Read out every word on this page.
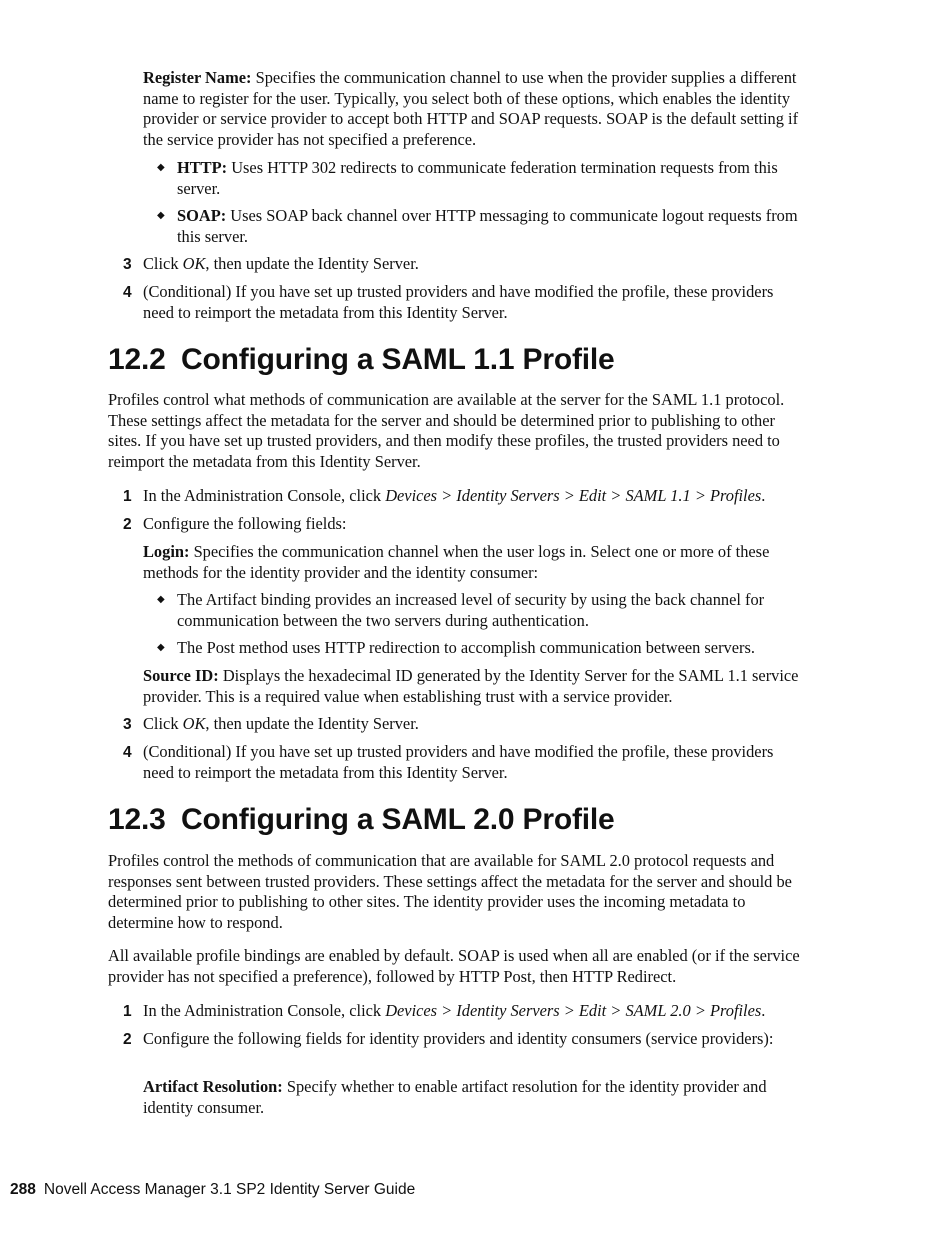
Register Name: Specifies the communication channel to use when the provider supplies a different name to register for the user. Typically, you select both of these options, which enables the identity provider or service provider to accept both HTTP and SOAP requests. SOAP is the default setting if the service provider has not specified a preference.
◆ HTTP: Uses HTTP 302 redirects to communicate federation termination requests from this server.
◆ SOAP: Uses SOAP back channel over HTTP messaging to communicate logout requests from this server.
3 Click OK, then update the Identity Server.
4 (Conditional) If you have set up trusted providers and have modified the profile, these providers need to reimport the metadata from this Identity Server.
12.2 Configuring a SAML 1.1 Profile
Profiles control what methods of communication are available at the server for the SAML 1.1 protocol. These settings affect the metadata for the server and should be determined prior to publishing to other sites. If you have set up trusted providers, and then modify these profiles, the trusted providers need to reimport the metadata from this Identity Server.
1 In the Administration Console, click Devices > Identity Servers > Edit > SAML 1.1 > Profiles.
2 Configure the following fields:
Login: Specifies the communication channel when the user logs in. Select one or more of these methods for the identity provider and the identity consumer:
◆ The Artifact binding provides an increased level of security by using the back channel for communication between the two servers during authentication.
◆ The Post method uses HTTP redirection to accomplish communication between servers.
Source ID: Displays the hexadecimal ID generated by the Identity Server for the SAML 1.1 service provider. This is a required value when establishing trust with a service provider.
3 Click OK, then update the Identity Server.
4 (Conditional) If you have set up trusted providers and have modified the profile, these providers need to reimport the metadata from this Identity Server.
12.3 Configuring a SAML 2.0 Profile
Profiles control the methods of communication that are available for SAML 2.0 protocol requests and responses sent between trusted providers. These settings affect the metadata for the server and should be determined prior to publishing to other sites. The identity provider uses the incoming metadata to determine how to respond.
All available profile bindings are enabled by default. SOAP is used when all are enabled (or if the service provider has not specified a preference), followed by HTTP Post, then HTTP Redirect.
1 In the Administration Console, click Devices > Identity Servers > Edit > SAML 2.0 > Profiles.
2 Configure the following fields for identity providers and identity consumers (service providers):
Artifact Resolution: Specify whether to enable artifact resolution for the identity provider and identity consumer.
288 Novell Access Manager 3.1 SP2 Identity Server Guide
